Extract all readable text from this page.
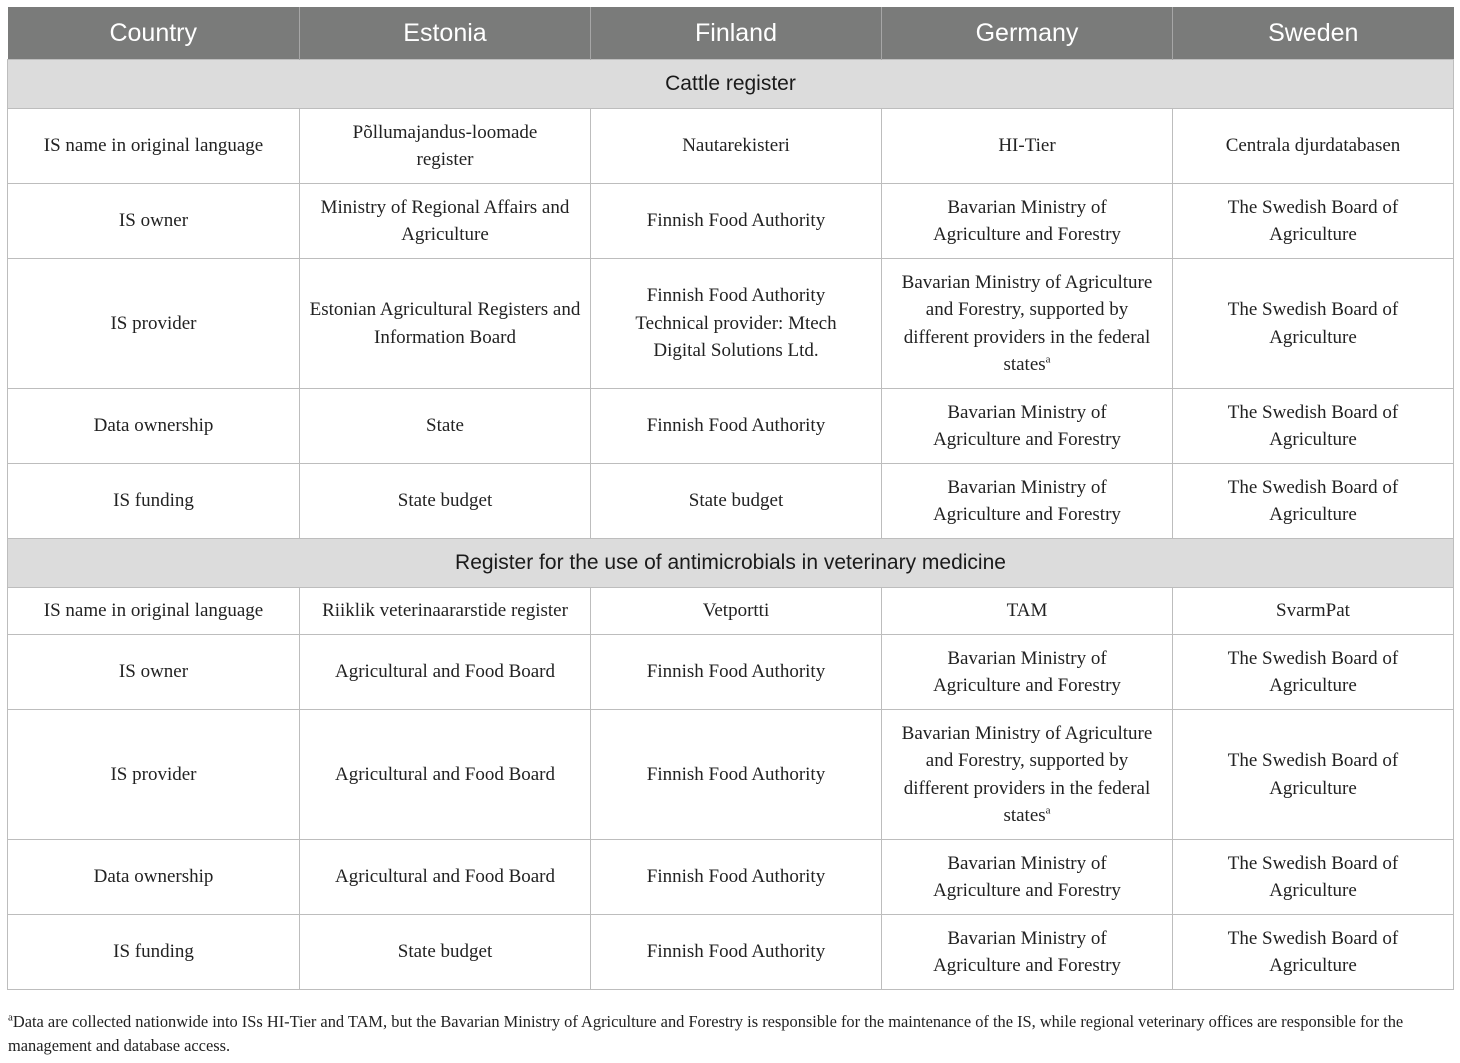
Country	Estonia	Finland	Germany	Sweden
Cattle register				
IS name in original language	Põllumajandus-loomade register	Nautarekisteri	HI-Tier	Centrala djurdatabasen
IS owner	Ministry of Regional Affairs and Agriculture	Finnish Food Authority	Bavarian Ministry of Agriculture and Forestry	The Swedish Board of Agriculture

IS provider	Estonian Agricultural Registers and Information Board	Finnish Food Authority Technical provider: Mtech Digital Solutions Ltd.	Bavarian Ministry of Agriculture and Forestry, supported by different providers in the federal states$^a$	The Swedish Board of Agriculture

Data ownership	State	Finnish Food Authority	Bavarian Ministry of Agriculture and Forestry	The Swedish Board of Agriculture

IS funding	State budget	State budget	Bavarian Ministry of Agriculture and Forestry	The Swedish Board of Agriculture

Register for the use of antimicrobials in veterinary medicine				
IS name in original language	Riiklik veterinaararstide register	Vetportti	TAM	SvarmPat
IS owner	Agricultural and Food Board	Finnish Food Authority	Bavarian Ministry of Agriculture and Forestry	The Swedish Board of Agriculture

IS provider	Agricultural and Food Board	Finnish Food Authority	Bavarian Ministry of Agriculture and Forestry, supported by different providers in the federal states$^a$	The Swedish Board of Agriculture

Data ownership	Agricultural and Food Board	Finnish Food Authority	Bavarian Ministry of Agriculture and Forestry	The Swedish Board of Agriculture

IS funding	State budget	Finnish Food Authority	Bavarian Ministry of Agriculture and Forestry	The Swedish Board of Agriculture
$^a$Data are collected nationwide into ISs HI-Tier and TAM, but the Bavarian Ministry of Agriculture and Forestry is responsible for the maintenance of the IS, while regional veterinary offices are responsible for the management and database access.
